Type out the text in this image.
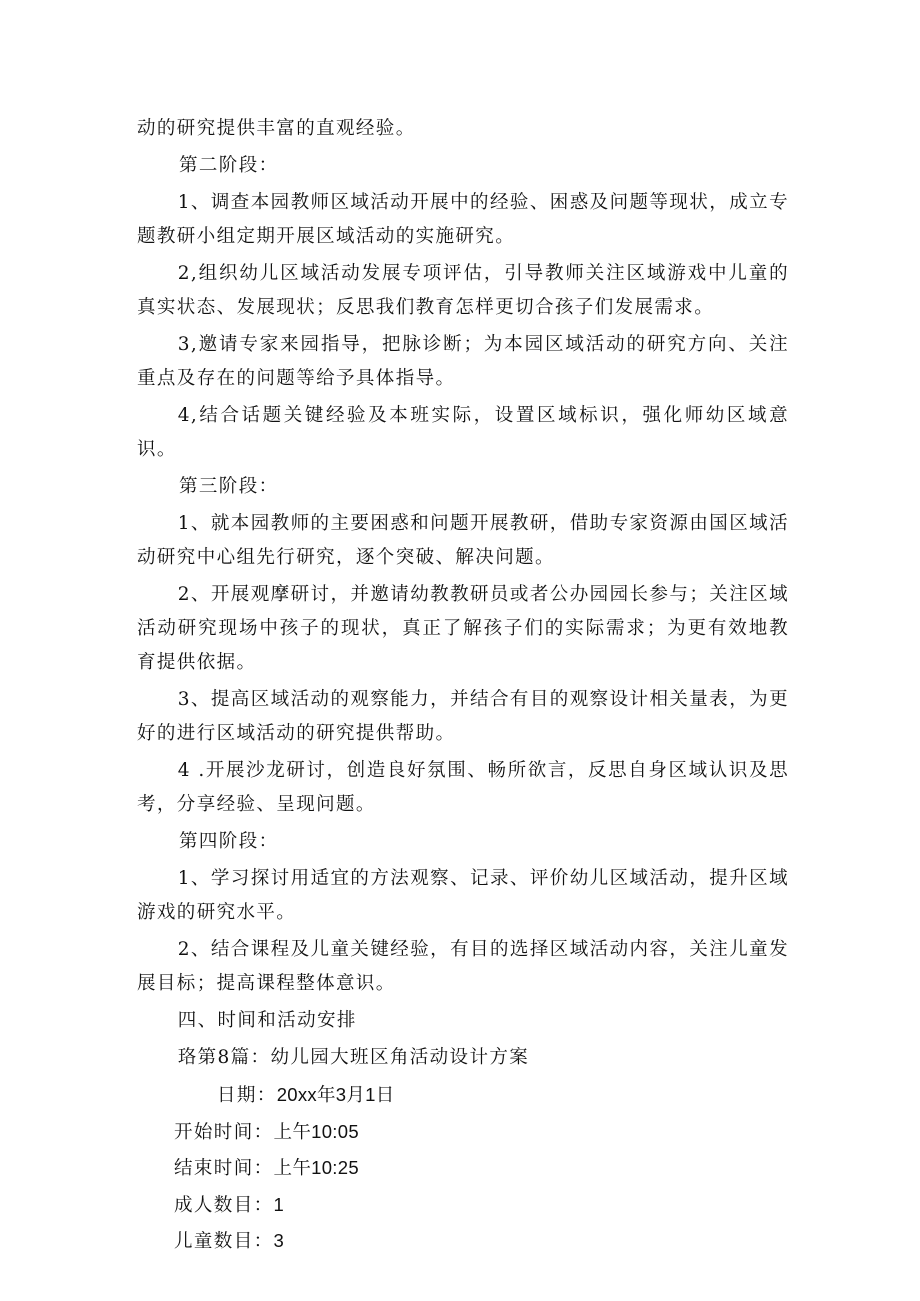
动的研究提供丰富的直观经验。

第二阶段：

1、调查本园教师区域活动开展中的经验、困惑及问题等现状，成立专题教研小组定期开展区域活动的实施研究。

2,组织幼儿区域活动发展专项评估，引导教师关注区域游戏中儿童的真实状态、发展现状；反思我们教育怎样更切合孩子们发展需求。

3,邀请专家来园指导，把脉诊断；为本园区域活动的研究方向、关注重点及存在的问题等给予具体指导。

4,结合话题关键经验及本班实际，设置区域标识，强化师幼区域意识。

第三阶段：

1、就本园教师的主要困惑和问题开展教研，借助专家资源由国区域活动研究中心组先行研究，逐个突破、解决问题。

2、开展观摩研讨，并邀请幼教教研员或者公办园园长参与；关注区域活动研究现场中孩子的现状，真正了解孩子们的实际需求；为更有效地教育提供依据。

3、提高区域活动的观察能力，并结合有目的观察设计相关量表，为更好的进行区域活动的研究提供帮助。

4 .开展沙龙研讨，创造良好氛围、畅所欲言，反思自身区域认识及思考，分享经验、呈现问题。

第四阶段：

1、学习探讨用适宜的方法观察、记录、评价幼儿区域活动，提升区域游戏的研究水平。

2、结合课程及儿童关键经验，有目的选择区域活动内容，关注儿童发展目标；提高课程整体意识。

四、时间和活动安排

珞第8篇：幼儿园大班区角活动设计方案

日期：20xx年3月1日
开始时间：上午10:05
结束时间：上午10:25
成人数目：1
儿童数目：3
